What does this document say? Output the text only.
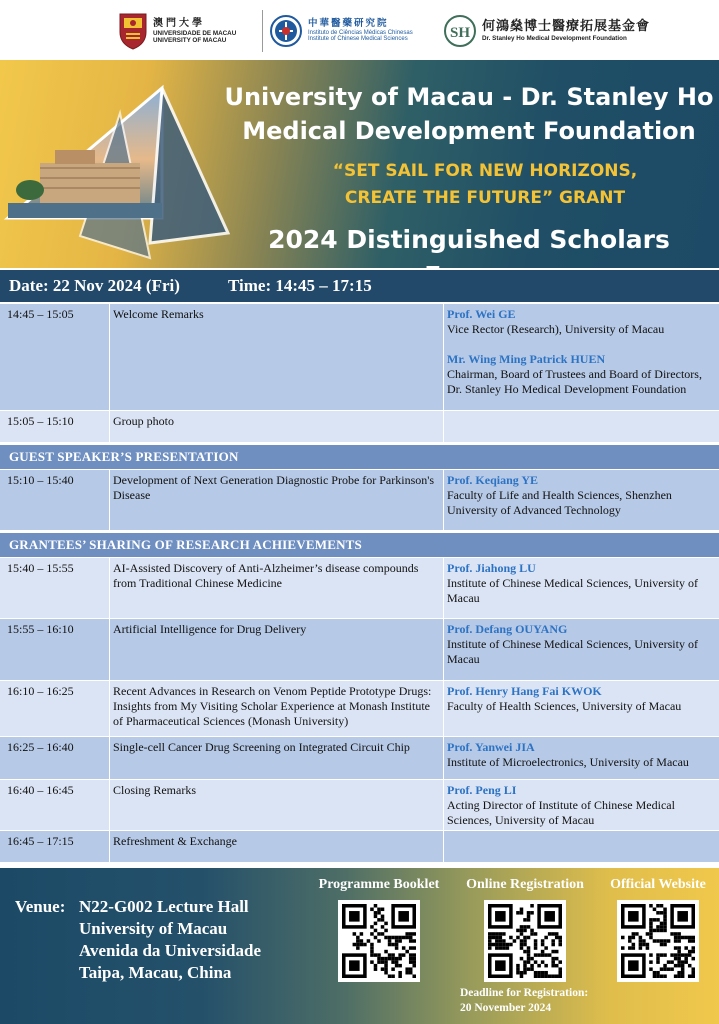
澳門大學
UNIVERSIDADE DE MACAU
UNIVERSITY OF MACAU
中華醫藥研究院
Instituto de Ciências Médicas Chinesas
Institute of Chinese Medical Sciences	SH 何鴻燊博士醫療拓展基金會
Dr. Stanley Ho Medical Development Foundation
University of Macau - Dr. Stanley Ho
Medical Development Foundation
“SET SAIL FOR NEW HORIZONS,
CREATE THE FUTURE” GRANT
2024 Distinguished Scholars
Date: 22 Nov 2024 (Fri)	Time: 14:45 – 17:15
14:45 – 15:05	Welcome Remarks	Prof. Wei GE
Vice Rector (Research), University of Macau
Mr. Wing Ming Patrick HUEN
Chairman, Board of Trustees and Board of Directors, Dr. Stanley Ho Medical Development Foundation
15:05 – 15:10	Group photo
GUEST SPEAKER’S PRESENTATION
15:10 – 15:40	Development of Next Generation Diagnostic Probe for Parkinson's Disease
Prof. Keqiang YE
Faculty of Life and Health Sciences, Shenzhen University of Advanced Technology
GRANTEES’ SHARING OF RESEARCH ACHIEVEMENTS
15:40 – 15:55	AI-Assisted Discovery of Anti-Alzheimer’s disease compounds from Traditional Chinese Medicine
Prof. Jiahong LU
Institute of Chinese Medical Sciences, University of Macau
15:55 – 16:10	Artificial Intelligence for Drug Delivery	Prof. Defang OUYANG
Institute of Chinese Medical Sciences, University of Macau
16:10 – 16:25	Recent Advances in Research on Venom Peptide Prototype Drugs: Insights from My Visiting Scholar Experience at Monash Institute of Pharmaceutical Sciences (Monash University)
Prof. Henry Hang Fai KWOK
Faculty of Health Sciences, University of Macau
16:25 – 16:40	Single-cell Cancer Drug Screening on Integrated Circuit Chip	Prof. Yanwei JIA
Institute of Microelectronics, University of Macau
16:40 – 16:45	Closing Remarks	Prof. Peng LI
Acting Director of Institute of Chinese Medical Sciences, University of Macau
16:45 – 17:15	Refreshment & Exchange
Venue: N22-G002 Lecture Hall
University of Macau
Avenida da Universidade
Taipa, Macau, China
Programme Booklet	Online Registration	Official Website
Deadline for Registration:
20 November 2024
